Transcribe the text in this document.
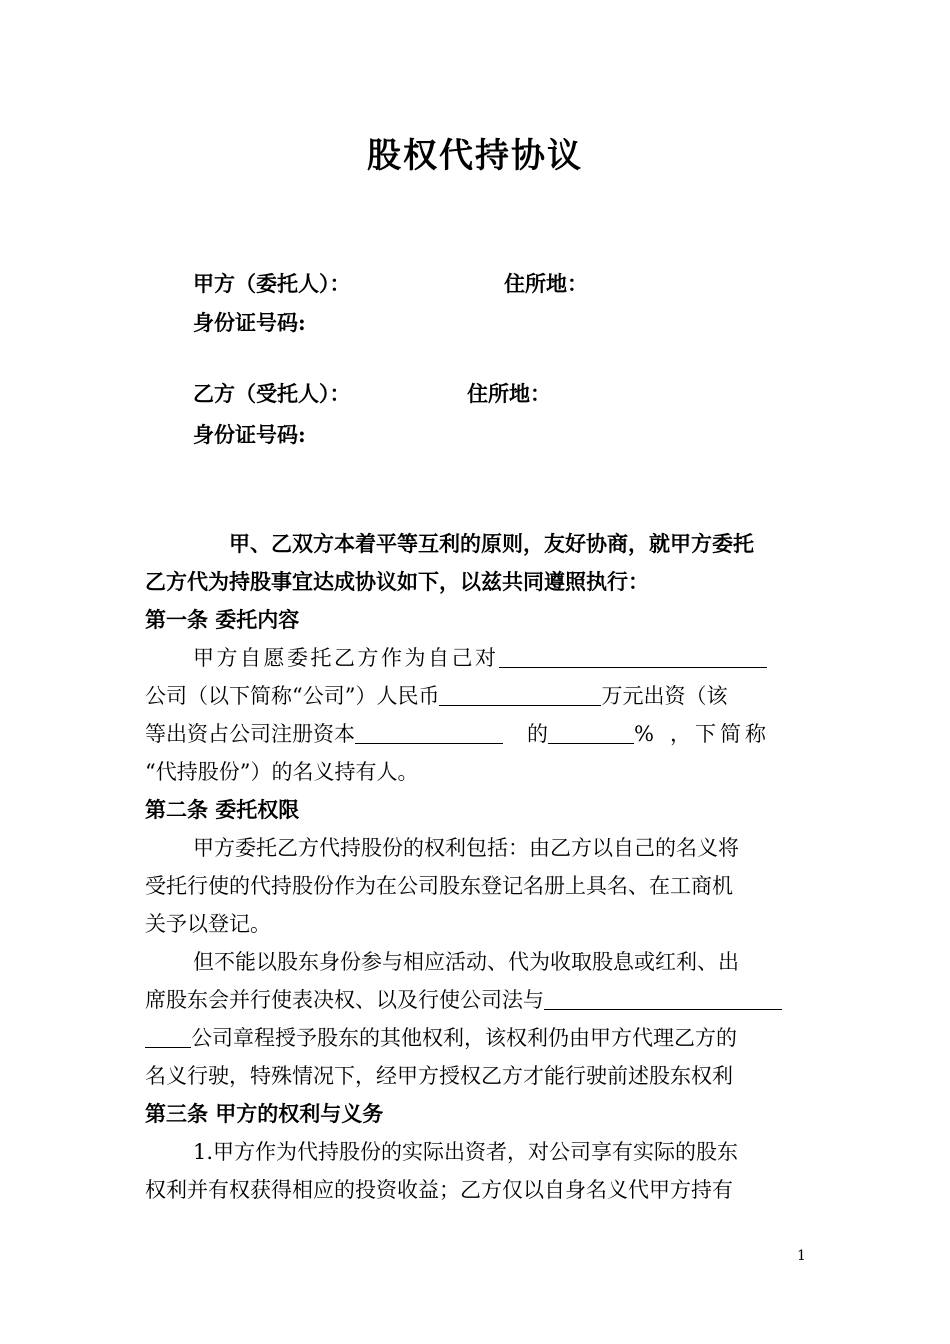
股权代持协议
甲方（委托人）：	住所地：
身份证号码:
乙方（受托人）：	住所地：
身份证号码:
甲、乙双方本着平等互利的原则，友好协商，就甲方委托
乙方代为持股事宜达成协议如下，以兹共同遵照执行：
第一条 委托内容
甲方自愿委托乙方作为自己对
公司（以下简称“公司”）人民币	万元出资（该
等出资占公司注册资本	的	% ，下简称
“代持股份”）的名义持有人。
第二条 委托权限
甲方委托乙方代持股份的权利包括：由乙方以自己的名义将
受托行使的代持股份作为在公司股东登记名册上具名、在工商机
关予以登记。
但不能以股东身份参与相应活动、代为收取股息或红利、出
席股东会并行使表决权、以及行使公司法与
公司章程授予股东的其他权利，该权利仍由甲方代理乙方的
名义行驶，特殊情况下，经甲方授权乙方才能行驶前述股东权利
第三条 甲方的权利与义务
1.甲方作为代持股份的实际出资者，对公司享有实际的股东
权利并有权获得相应的投资收益；乙方仅以自身名义代甲方持有
1
